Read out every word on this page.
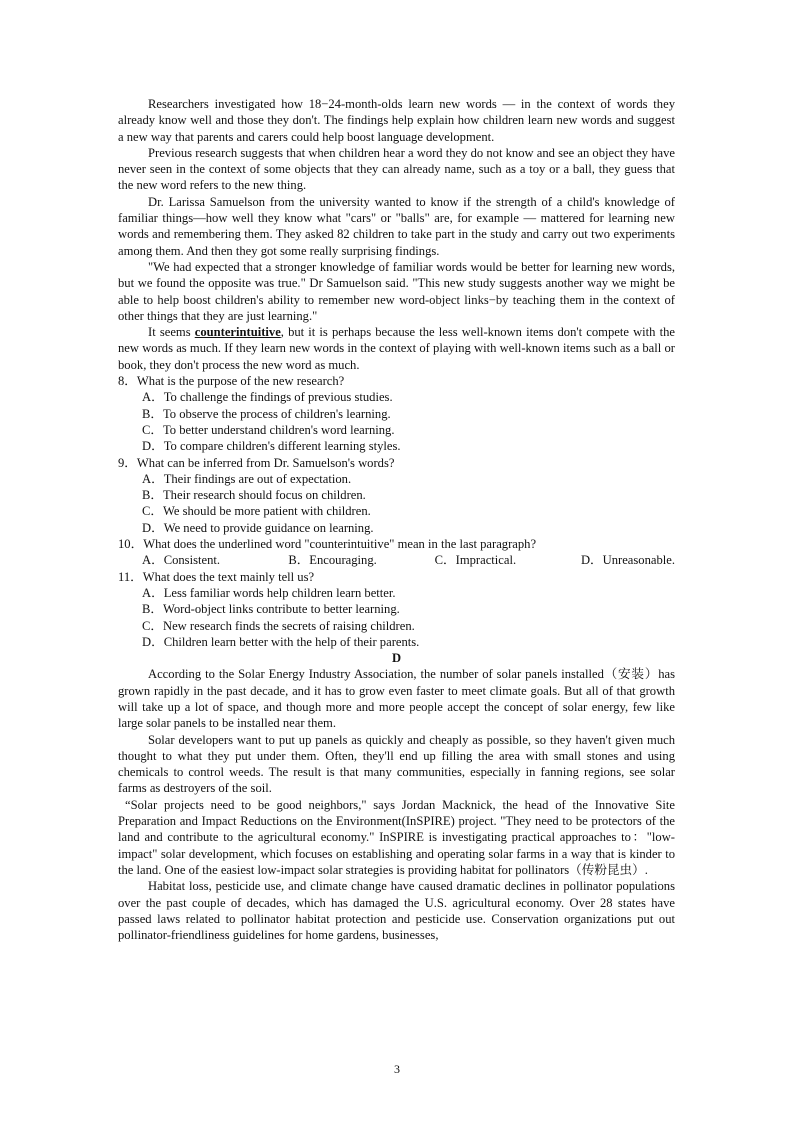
Researchers investigated how 18−24-month-olds learn new words — in the context of words they already know well and those they don't. The findings help explain how children learn new words and suggest a new way that parents and carers could help boost language development.

Previous research suggests that when children hear a word they do not know and see an object they have never seen in the context of some objects that they can already name, such as a toy or a ball, they guess that the new word refers to the new thing.

Dr. Larissa Samuelson from the university wanted to know if the strength of a child's knowledge of familiar things—how well they know what "cars" or "balls" are, for example — mattered for learning new words and remembering them. They asked 82 children to take part in the study and carry out two experiments among them. And then they got some really surprising findings.

"We had expected that a stronger knowledge of familiar words would be better for learning new words, but we found the opposite was true." Dr Samuelson said. "This new study suggests another way we might be able to help boost children's ability to remember new word-object links−by teaching them in the context of other things that they are just learning."

It seems counterintuitive, but it is perhaps because the less well-known items don't compete with the new words as much. If they learn new words in the context of playing with well-known items such as a ball or book, they don't process the new word as much.

8．What is the purpose of the new research?

A．To challenge the findings of previous studies.

B．To observe the process of children's learning.

C．To better understand children's word learning.

D．To compare children's different learning styles.

9．What can be inferred from Dr. Samuelson's words?

A．Their findings are out of expectation.

B．Their research should focus on children.

C．We should be more patient with children.

D．We need to provide guidance on learning.

10．What does the underlined word "counterintuitive" mean in the last paragraph?

A．Consistent.	B．Encouraging.	C．Impractical.	D．Unreasonable.

11．What does the text mainly tell us?

A．Less familiar words help children learn better.

B．Word-object links contribute to better learning.

C．New research finds the secrets of raising children.

D．Children learn better with the help of their parents.

D

According to the Solar Energy Industry Association, the number of solar panels installed（安装）has grown rapidly in the past decade, and it has to grow even faster to meet climate goals. But all of that growth will take up a lot of space, and though more and more people accept the concept of solar energy, few like large solar panels to be installed near them.

Solar developers want to put up panels as quickly and cheaply as possible, so they haven't given much thought to what they put under them. Often, they'll end up filling the area with small stones and using chemicals to control weeds. The result is that many communities, especially in fanning regions, see solar farms as destroyers of the soil.

“Solar projects need to be good neighbors," says Jordan Macknick, the head of the Innovative Site Preparation and Impact Reductions on the Environment(InSPIRE) project. "They need to be protectors of the land and contribute to the agricultural economy." InSPIRE is investigating practical approaches to："low-impact" solar development, which focuses on establishing and operating solar farms in a way that is kinder to the land. One of the easiest low-impact solar strategies is providing habitat for pollinators（传粉昆虫）.

Habitat loss, pesticide use, and climate change have caused dramatic declines in pollinator populations over the past couple of decades, which has damaged the U.S. agricultural economy. Over 28 states have passed laws related to pollinator habitat protection and pesticide use. Conservation organizations put out pollinator-friendliness guidelines for home gardens, businesses,

3
